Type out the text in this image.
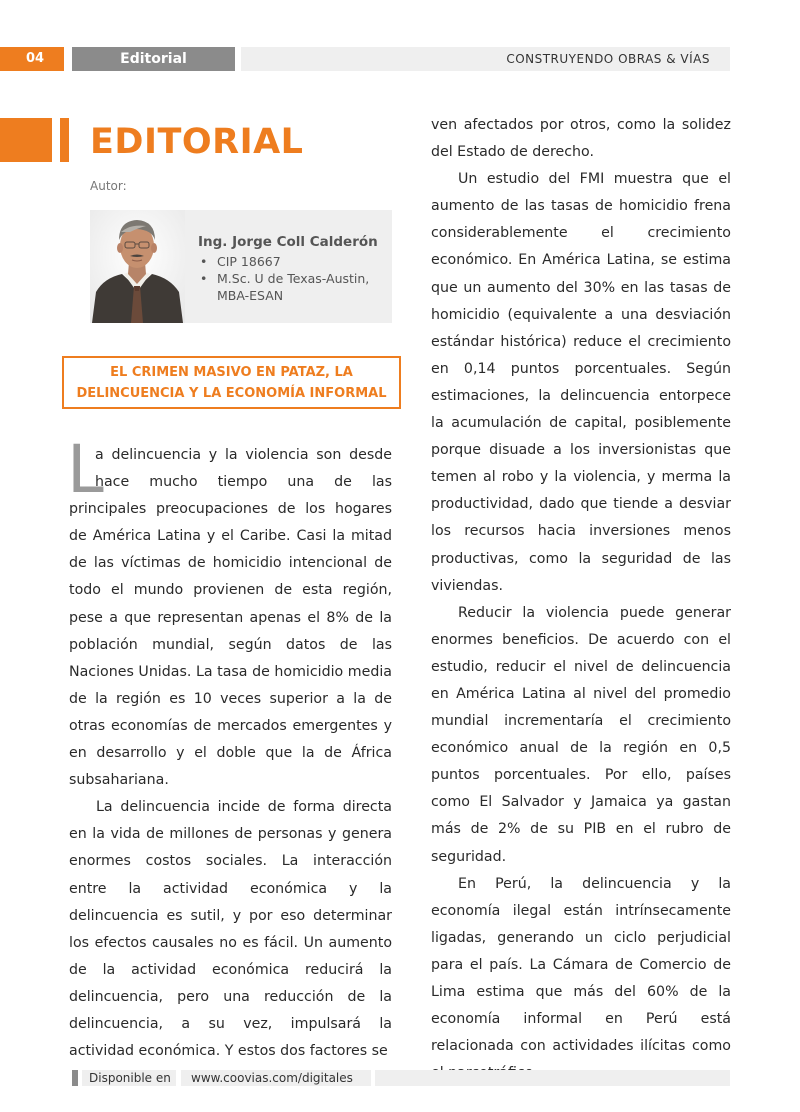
04	Editorial	CONSTRUYENDO OBRAS & VÍAS
EDITORIAL
Autor:
Ing. Jorge Coll Calderón
• CIP 18667
• M.Sc. U de Texas-Austin, MBA-ESAN
EL CRIMEN MASIVO EN PATAZ, LA DELINCUENCIA Y LA ECONOMÍA INFORMAL

L
a delincuencia y la violencia son desde hace mucho tiempo una de las principales preocupaciones de los hogares de América Latina y el Caribe. Casi la mitad de las víctimas de homicidio intencional de todo el mundo provienen de esta región, pese a que representan apenas el 8% de la población mundial, según datos de las Naciones Unidas. La tasa de homicidio media de la región es 10 veces superior a la de otras economías de mercados emergentes y en desarrollo y el doble que la de África subsahariana.

La delincuencia incide de forma directa en la vida de millones de personas y genera enormes costos sociales. La interacción entre la actividad económica y la delincuencia es sutil, y por eso determinar los efectos causales no es fácil. Un aumento de la actividad económica reducirá la delincuencia, pero una reducción de la delincuencia, a su vez, impulsará la actividad económica. Y estos dos factores se

ven afectados por otros, como la solidez del Estado de derecho.

Un estudio del FMI muestra que el aumento de las tasas de homicidio frena considerablemente el crecimiento económico. En América Latina, se estima que un aumento del 30% en las tasas de homicidio (equivalente a una desviación estándar histórica) reduce el crecimiento en 0,14 puntos porcentuales. Según estimaciones, la delincuencia entorpece la acumulación de capital, posiblemente porque disuade a los inversionistas que temen al robo y la violencia, y merma la productividad, dado que tiende a desviar los recursos hacia inversiones menos productivas, como la seguridad de las viviendas.

Reducir la violencia puede generar enormes beneficios. De acuerdo con el estudio, reducir el nivel de delincuencia en América Latina al nivel del promedio mundial incrementaría el crecimiento económico anual de la región en 0,5 puntos porcentuales. Por ello, países como El Salvador y Jamaica ya gastan más de 2% de su PIB en el rubro de seguridad.

En Perú, la delincuencia y la economía ilegal están intrínsecamente ligadas, generando un ciclo perjudicial para el país. La Cámara de Comercio de Lima estima que más del 60% de la economía informal en Perú está relacionada con actividades ilícitas como

Disponible en	www.coovias.com/digitales
